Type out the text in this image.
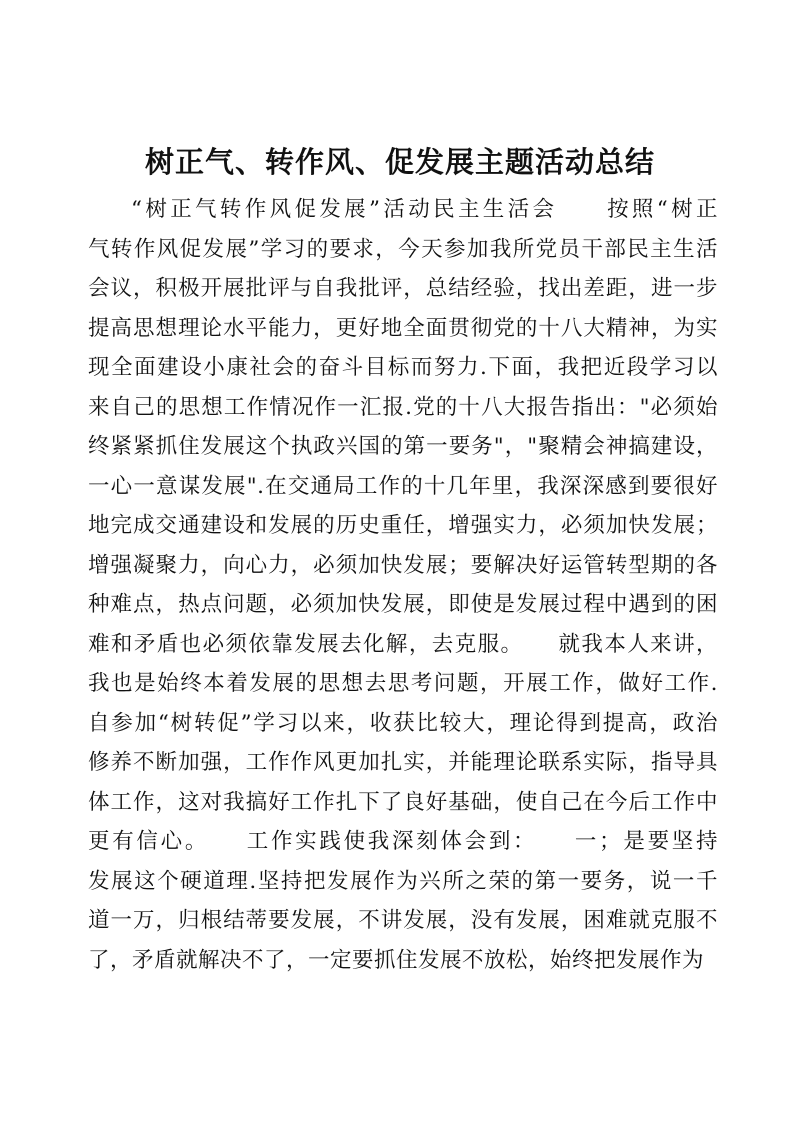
树正气、转作风、促发展主题活动总结
“树正气转作风促发展”活动民主生活会　　按照“树正
气转作风促发展”学习的要求，今天参加我所党员干部民主生活
会议，积极开展批评与自我批评，总结经验，找出差距，进一步
提高思想理论水平能力，更好地全面贯彻党的十八大精神，为实
现全面建设小康社会的奋斗目标而努力.下面，我把近段学习以
来自己的思想工作情况作一汇报.党的十八大报告指出："必须始
终紧紧抓住发展这个执政兴国的第一要务"，"聚精会神搞建设，
一心一意谋发展".在交通局工作的十几年里，我深深感到要很好
地完成交通建设和发展的历史重任，增强实力，必须加快发展；
增强凝聚力，向心力，必须加快发展；要解决好运管转型期的各
种难点，热点问题，必须加快发展，即使是发展过程中遇到的困
难和矛盾也必须依靠发展去化解，去克服。　　就我本人来讲，
我也是始终本着发展的思想去思考问题，开展工作，做好工作.
自参加“树转促”学习以来，收获比较大，理论得到提高，政治
修养不断加强，工作作风更加扎实，并能理论联系实际，指导具
体工作，这对我搞好工作扎下了良好基础，使自己在今后工作中
更有信心。　　工作实践使我深刻体会到：　　一；是要坚持
发展这个硬道理.坚持把发展作为兴所之荣的第一要务，说一千
道一万，归根结蒂要发展，不讲发展，没有发展，困难就克服不
了，矛盾就解决不了，一定要抓住发展不放松，始终把发展作为
